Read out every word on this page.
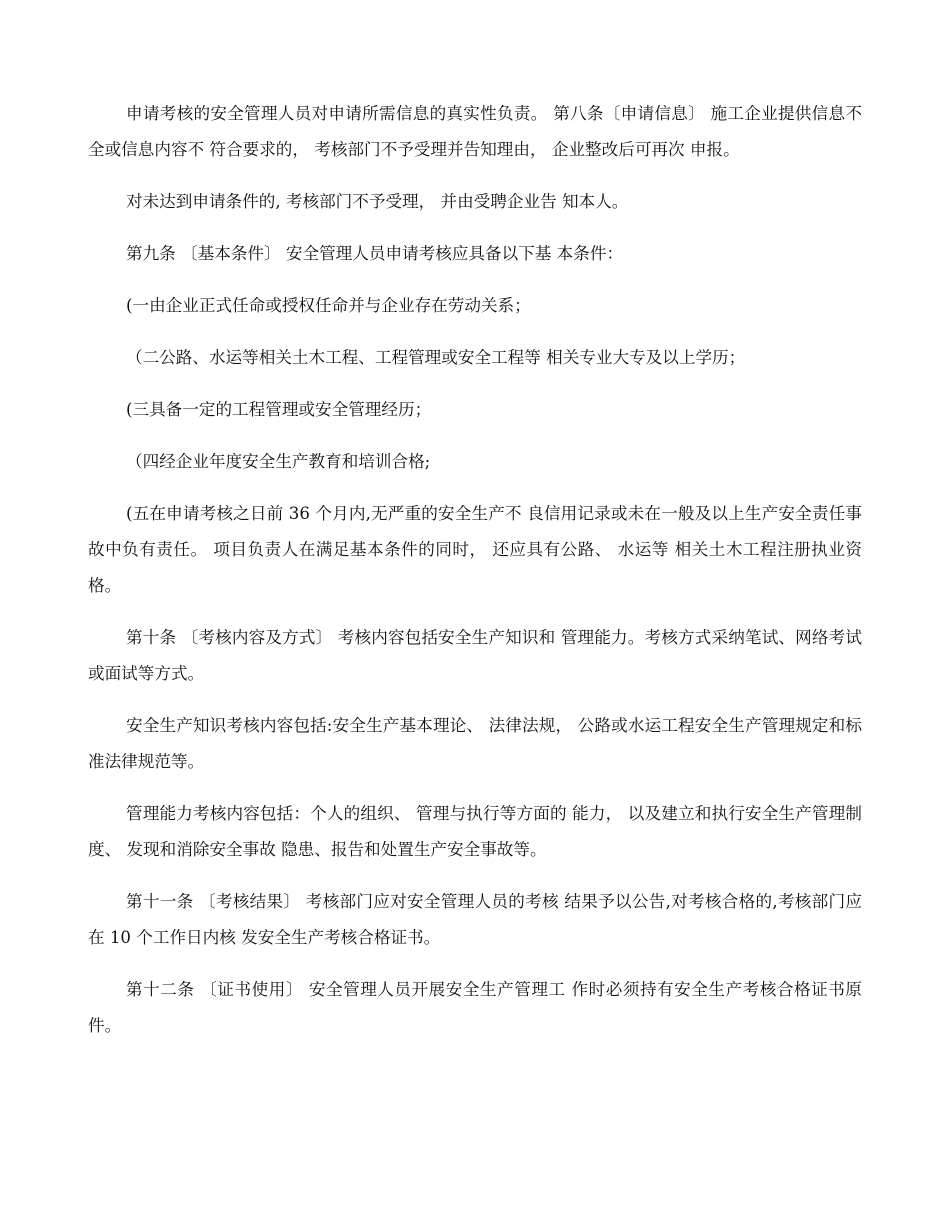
申请考核的安全管理人员对申请所需信息的真实性负责。 第八条〔申请信息〕 施工企业提供信息不全或信息内容不 符合要求的， 考核部门不予受理并告知理由， 企业整改后可再次 申报。

对未达到申请条件的, 考核部门不予受理， 并由受聘企业告 知本人。

第九条 〔基本条件〕 安全管理人员申请考核应具备以下基 本条件：

(一由企业正式任命或授权任命并与企业存在劳动关系；

（二公路、水运等相关土木工程、工程管理或安全工程等 相关专业大专及以上学历；

(三具备一定的工程管理或安全管理经历；

（四经企业年度安全生产教育和培训合格;

(五在申请考核之日前 36 个月内,无严重的安全生产不 良信用记录或未在一般及以上生产安全责任事故中负有责任。 项目负责人在满足基本条件的同时， 还应具有公路、 水运等 相关土木工程注册执业资格。

第十条 〔考核内容及方式〕 考核内容包括安全生产知识和 管理能力。考核方式采纳笔试、网络考试或面试等方式。

安全生产知识考核内容包括:安全生产基本理论、 法律法规， 公路或水运工程安全生产管理规定和标准法律规范等。

管理能力考核内容包括：个人的组织、 管理与执行等方面的 能力， 以及建立和执行安全生产管理制度、 发现和消除安全事故 隐患、报告和处置生产安全事故等。

第十一条 〔考核结果〕 考核部门应对安全管理人员的考核 结果予以公告,对考核合格的,考核部门应在 10 个工作日内核 发安全生产考核合格证书。

第十二条 〔证书使用〕 安全管理人员开展安全生产管理工 作时必须持有安全生产考核合格证书原件。
